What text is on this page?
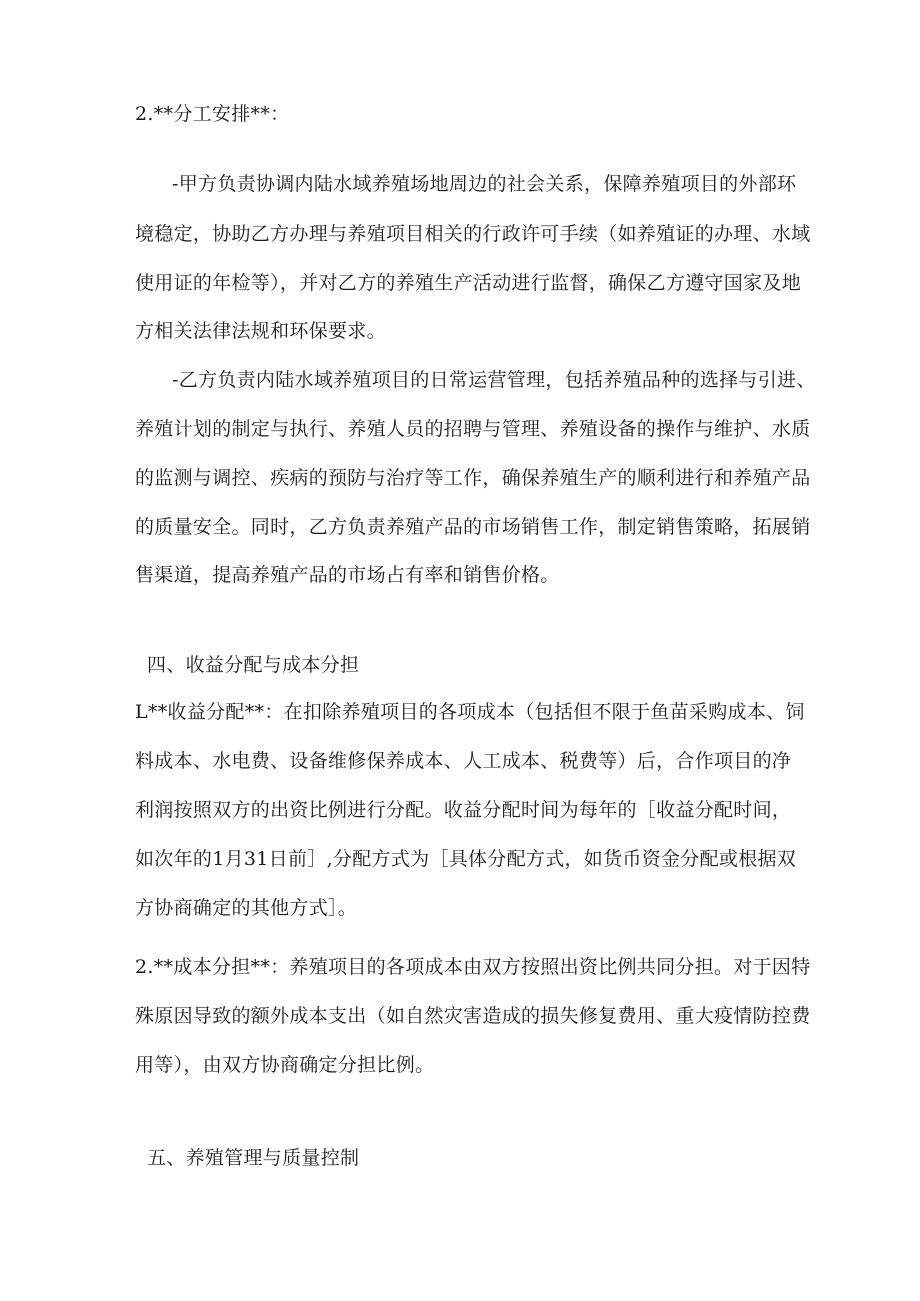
2.**分工安排**：
-甲方负责协调内陆水域养殖场地周边的社会关系，保障养殖项目的外部环
境稳定，协助乙方办理与养殖项目相关的行政许可手续（如养殖证的办理、水域
使用证的年检等），并对乙方的养殖生产活动进行监督，确保乙方遵守国家及地
方相关法律法规和环保要求。
-乙方负责内陆水域养殖项目的日常运营管理，包括养殖品种的选择与引进、
养殖计划的制定与执行、养殖人员的招聘与管理、养殖设备的操作与维护、水质
的监测与调控、疾病的预防与治疗等工作，确保养殖生产的顺利进行和养殖产品
的质量安全。同时，乙方负责养殖产品的市场销售工作，制定销售策略，拓展销
售渠道，提高养殖产品的市场占有率和销售价格。
四、收益分配与成本分担
L**收益分配**：在扣除养殖项目的各项成本（包括但不限于鱼苗采购成本、饲
料成本、水电费、设备维修保养成本、人工成本、税费等）后，合作项目的净
利润按照双方的出资比例进行分配。收益分配时间为每年的［收益分配时间，
如次年的1月31日前］,分配方式为［具体分配方式，如货币资金分配或根据双
方协商确定的其他方式］。
2.**成本分担**：养殖项目的各项成本由双方按照出资比例共同分担。对于因特
殊原因导致的额外成本支出（如自然灾害造成的损失修复费用、重大疫情防控费
用等），由双方协商确定分担比例。
五、养殖管理与质量控制
